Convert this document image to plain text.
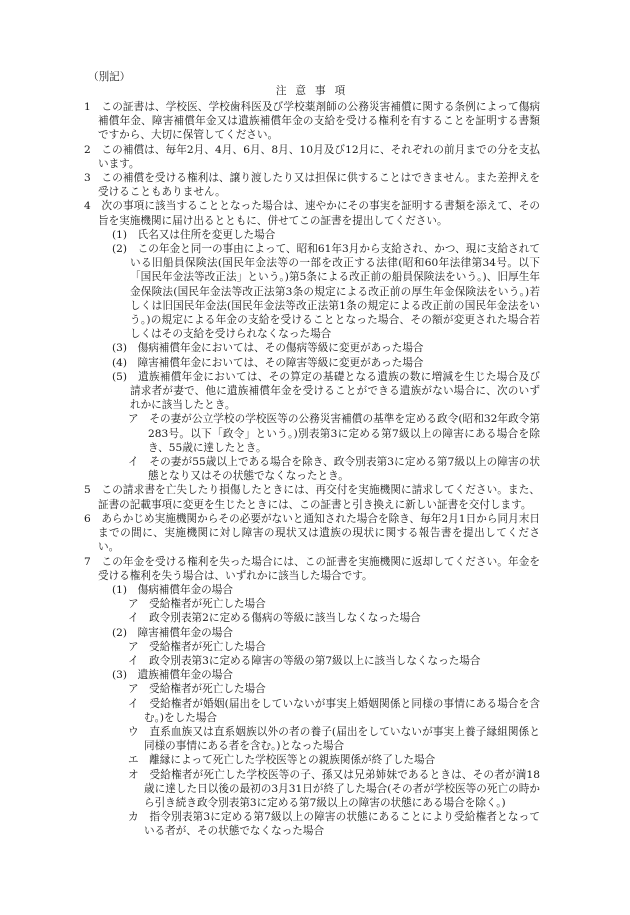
（別記）
注意事項

1　この証書は、学校医、学校歯科医及び学校薬剤師の公務災害補償に関する条例によって傷病補償年金、障害補償年金又は遺族補償年金の支給を受ける権利を有することを証明する書類ですから、大切に保管してください。

2　この補償は、毎年2月、4月、6月、8月、10月及び12月に、それぞれの前月までの分を支払います。

3　この補償を受ける権利は、譲り渡したり又は担保に供することはできません。また差押えを受けることもありません。

4　次の事項に該当することとなった場合は、速やかにその事実を証明する書類を添えて、その旨を実施機関に届け出るとともに、併せてこの証書を提出してください。

(1)　氏名又は住所を変更した場合

(2)　この年金と同一の事由によって、昭和61年3月から支給され、かつ、現に支給されている旧船員保険法(国民年金法等の一部を改正する法律(昭和60年法律第34号。以下「国民年金法等改正法」という。)第5条による改正前の船員保険法をいう。)、旧厚生年金保険法(国民年金法等改正法第3条の規定による改正前の厚生年金保険法をいう。)若しくは旧国民年金法(国民年金法等改正法第1条の規定による改正前の国民年金法をいう。)の規定による年金の支給を受けることとなった場合、その額が変更された場合若しくはその支給を受けられなくなった場合

(3)　傷病補償年金においては、その傷病等級に変更があった場合

(4)　障害補償年金においては、その障害等級に変更があった場合

(5)　遺族補償年金においては、その算定の基礎となる遺族の数に増減を生じた場合及び請求者が妻で、他に遺族補償年金を受けることができる遺族がない場合に、次のいずれかに該当したとき。

ア　その妻が公立学校の学校医等の公務災害補償の基準を定める政令(昭和32年政令第283号。以下「政令」という。)別表第3に定める第7級以上の障害にある場合を除き、55歳に達したとき。

イ　その妻が55歳以上である場合を除き、政令別表第3に定める第7級以上の障害の状態となり又はその状態でなくなったとき。

5　この請求書を亡失したり損傷したときには、再交付を実施機関に請求してください。また、証書の記載事項に変更を生じたときには、この証書と引き換えに新しい証書を交付します。

6　あらかじめ実施機関からその必要がないと通知された場合を除き、毎年2月1日から同月末日までの間に、実施機関に対し障害の現状又は遺族の現状に関する報告書を提出してください。

7　この年金を受ける権利を失った場合には、この証書を実施機関に返却してください。年金を受ける権利を失う場合は、いずれかに該当した場合です。

(1)　傷病補償年金の場合

ア　受給権者が死亡した場合

イ　政令別表第2に定める傷病の等級に該当しなくなった場合

(2)　障害補償年金の場合

ア　受給権者が死亡した場合

イ　政令別表第3に定める障害の等級の第7級以上に該当しなくなった場合

(3)　遺族補償年金の場合

ア　受給権者が死亡した場合

イ　受給権者が婚姻(届出をしていないが事実上婚姻関係と同様の事情にある場合を含む。)をした場合

ウ　直系血族又は直系姻族以外の者の養子(届出をしていないが事実上養子縁組関係と同様の事情にある者を含む。)となった場合

エ　離縁によって死亡した学校医等との親族関係が終了した場合

オ　受給権者が死亡した学校医等の子、孫又は兄弟姉妹であるときは、その者が満18歳に達した日以後の最初の3月31日が終了した場合(その者が学校医等の死亡の時から引き続き政令別表第3に定める第7級以上の障害の状態にある場合を除く。)

カ　指令別表第3に定める第7級以上の障害の状態にあることにより受給権者となっている者が、その状態でなくなった場合
